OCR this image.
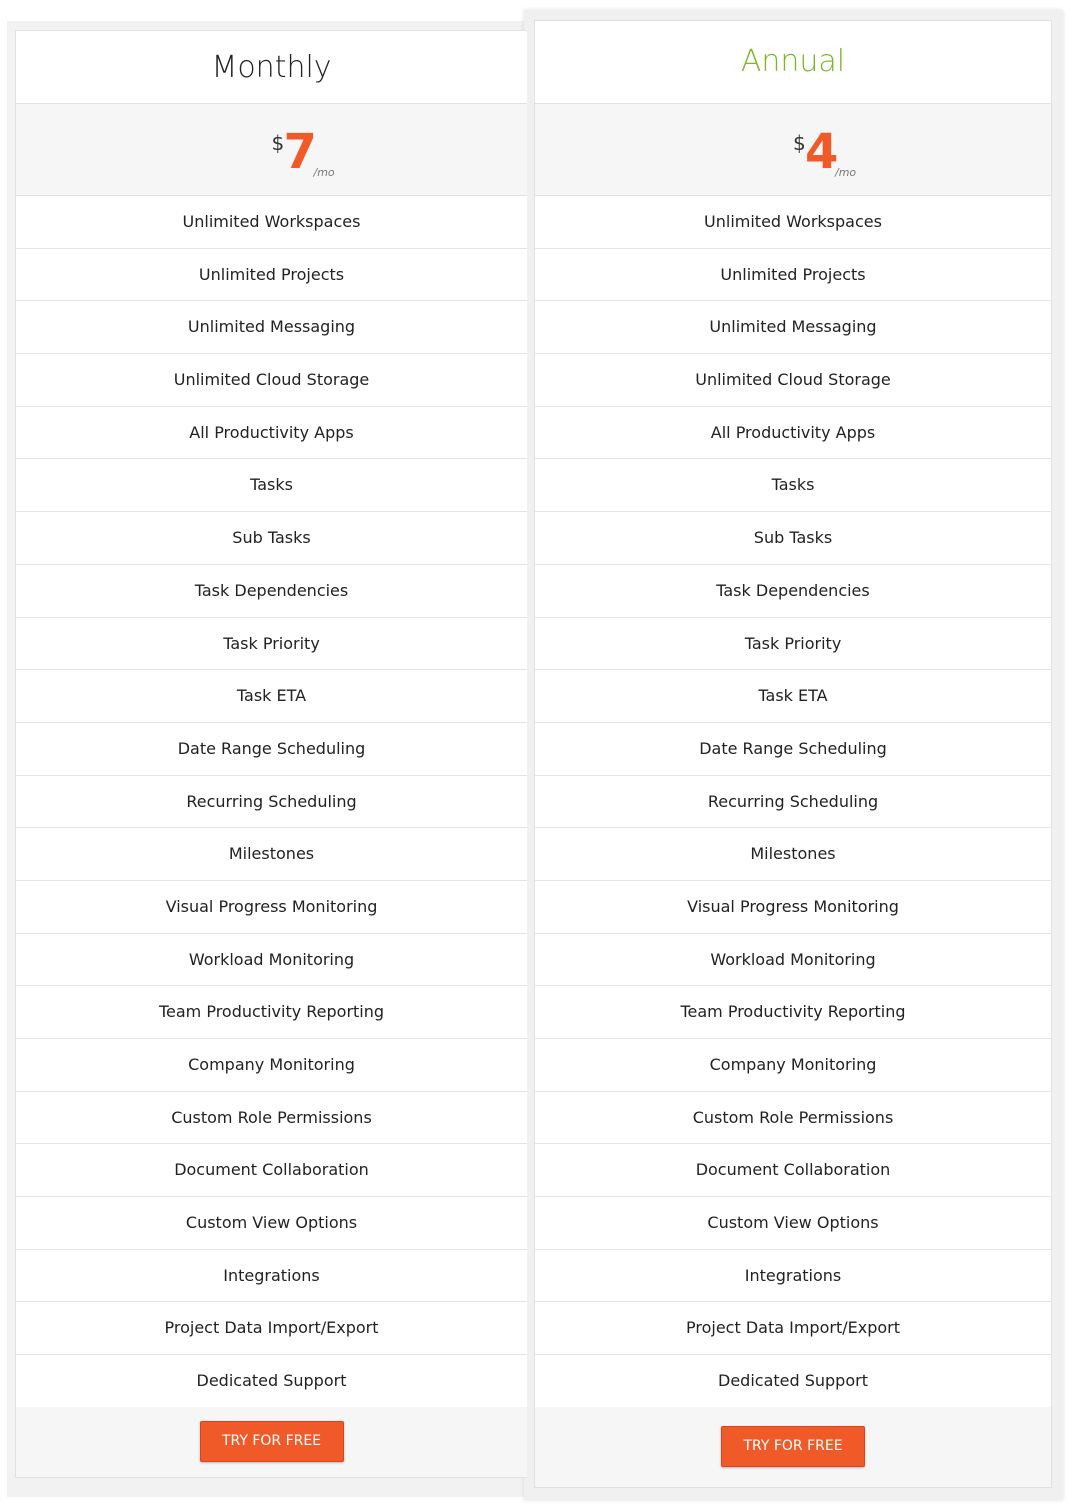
Monthly
$ 7
/mo
Unlimited Workspaces
Unlimited Projects
Unlimited Messaging
Unlimited Cloud Storage
All Productivity Apps
Tasks
Sub Tasks
Task Dependencies
Task Priority
Task ETA
Date Range Scheduling
Recurring Scheduling
Milestones
Visual Progress Monitoring
Workload Monitoring
Team Productivity Reporting
Company Monitoring
Custom Role Permissions
Document Collaboration
Custom View Options
Integrations
Project Data Import/Export
Dedicated Support
TRY FOR FREE
Annual
$ 4
/mo
Unlimited Workspaces
Unlimited Projects
Unlimited Messaging
Unlimited Cloud Storage
All Productivity Apps
Tasks
Sub Tasks
Task Dependencies
Task Priority
Task ETA
Date Range Scheduling
Recurring Scheduling
Milestones
Visual Progress Monitoring
Workload Monitoring
Team Productivity Reporting
Company Monitoring
Custom Role Permissions
Document Collaboration
Custom View Options
Integrations
Project Data Import/Export
Dedicated Support
TRY FOR FREE
